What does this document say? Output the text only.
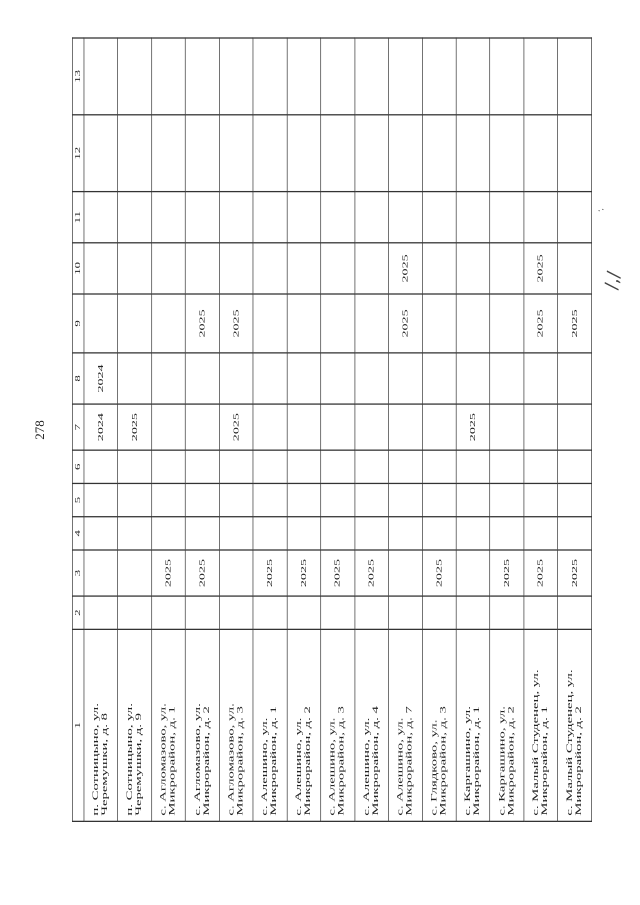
278
1	2	3	4	5	6	7	8	9	10	11	12	13
п. Сотницыно, ул. Черемушки, д. 8						2024	2024					
п. Сотницыно, ул. Черемушки, д. 9						2025						
с. Агломазово, ул. Микрорайон, д. 1		2025										
с. Агломазово, ул. Микрорайон, д. 2		2025						2025				
с. Агломазово, ул. Микрорайон, д. 3						2025		2025				
с. Алешино, ул. Микрорайон, д. 1		2025										
с. Алешино, ул. Микрорайон, д. 2		2025										
с. Алешино, ул. Микрорайон, д. 3		2025										
с. Алешино, ул. Микрорайон, д. 4		2025										
с. Алешино, ул. Микрорайон, д. 7								2025	2025			
с. Глядково, ул. Микрорайон, д. 3		2025										
с. Каргашино, ул. Микрорайон, д. 1						2025						
с. Каргашино, ул. Микрорайон, д. 2		2025										
с. Малый Студенец, ул. Микрорайон, д. 1		2025						2025	2025			
с. Малый Студенец, ул. Микрорайон, д. 2		2025						2025				
·.
/,/
